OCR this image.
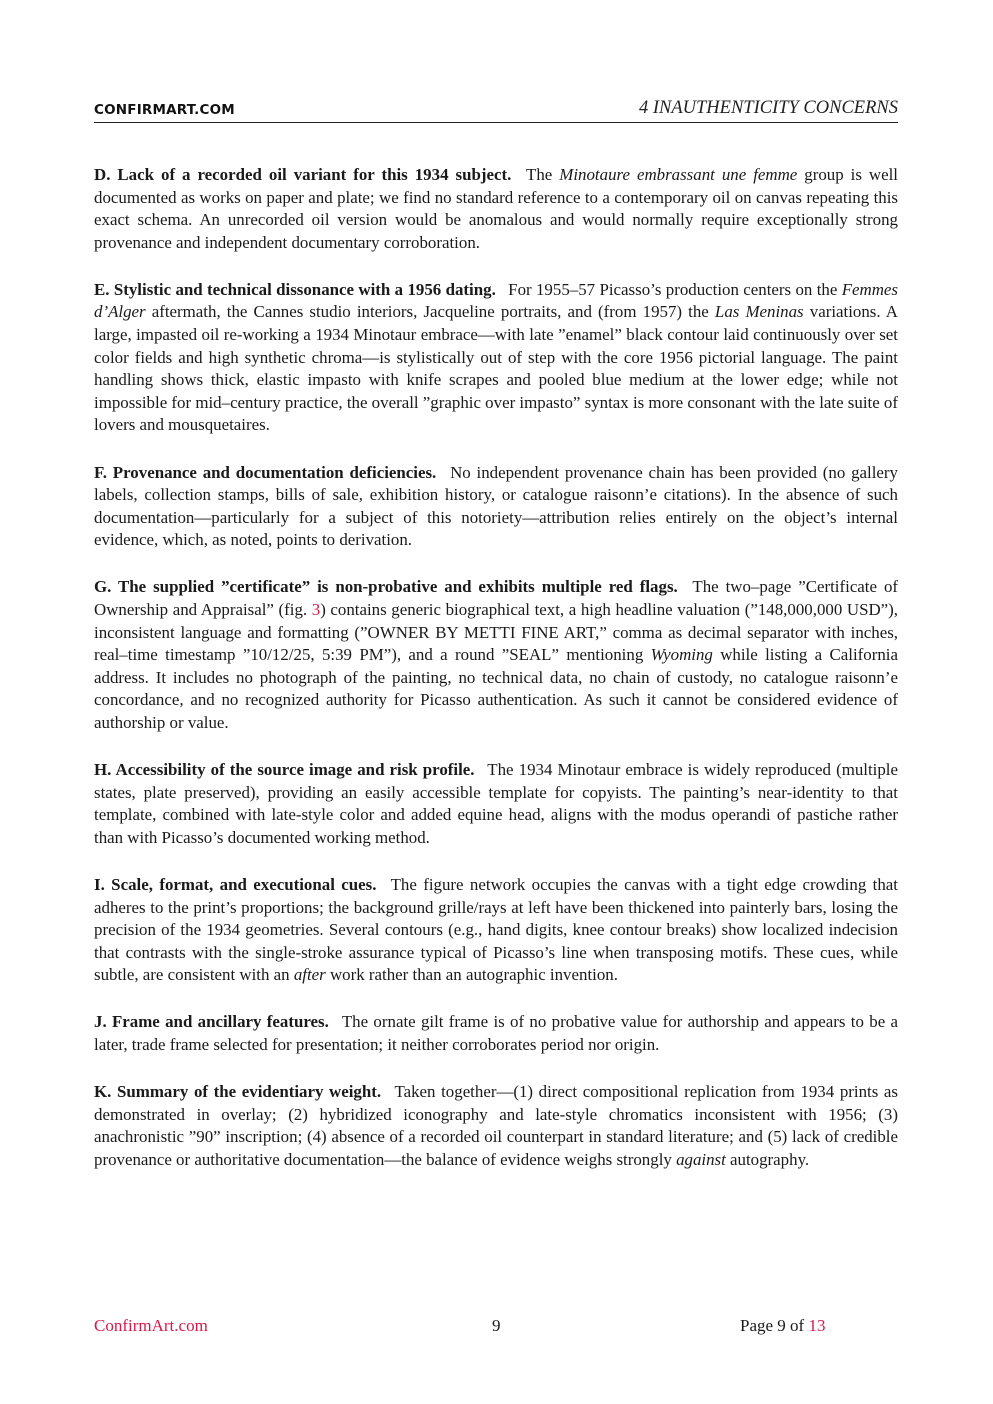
CONFIRMART.COM	4 INAUTHENTICITY CONCERNS

D. Lack of a recorded oil variant for this 1934 subject. The Minotaure embrassant une femme group is well documented as works on paper and plate; we find no standard reference to a contemporary oil on canvas repeating this exact schema. An unrecorded oil version would be anomalous and would normally require exceptionally strong provenance and independent documentary corroboration.

E. Stylistic and technical dissonance with a 1956 dating. For 1955–57 Picasso’s production centers on the Femmes d’Alger aftermath, the Cannes studio interiors, Jacqueline portraits, and (from 1957) the Las Meninas variations. A large, impasted oil re-working a 1934 Minotaur embrace—with late ”enamel” black contour laid continuously over set color fields and high synthetic chroma—is stylistically out of step with the core 1956 pictorial language. The paint handling shows thick, elastic impasto with knife scrapes and pooled blue medium at the lower edge; while not impossible for mid–century practice, the overall ”graphic over impasto” syntax is more consonant with the late suite of lovers and mousquetaires.

F. Provenance and documentation deficiencies. No independent provenance chain has been provided (no gallery labels, collection stamps, bills of sale, exhibition history, or catalogue raisonn’e citations). In the absence of such documentation—particularly for a subject of this notoriety—attribution relies entirely on the object’s internal evidence, which, as noted, points to derivation.

G. The supplied ”certificate” is non-probative and exhibits multiple red flags. The two–page ”Certificate of Ownership and Appraisal” (fig. 3) contains generic biographical text, a high headline valuation (”148,000,000 USD”), inconsistent language and formatting (”OWNER BY METTI FINE ART,” comma as decimal separator with inches, real–time timestamp ”10/12/25, 5:39 PM”), and a round ”SEAL” mentioning Wyoming while listing a California address. It includes no photograph of the painting, no technical data, no chain of custody, no catalogue raisonn’e concordance, and no recognized authority for Picasso authentication. As such it cannot be considered evidence of authorship or value.

H. Accessibility of the source image and risk profile. The 1934 Minotaur embrace is widely reproduced (multiple states, plate preserved), providing an easily accessible template for copyists. The painting’s near-identity to that template, combined with late-style color and added equine head, aligns with the modus operandi of pastiche rather than with Picasso’s documented working method.

I. Scale, format, and executional cues. The figure network occupies the canvas with a tight edge crowding that adheres to the print’s proportions; the background grille/rays at left have been thickened into painterly bars, losing the precision of the 1934 geometries. Several contours (e.g., hand digits, knee contour breaks) show localized indecision that contrasts with the single-stroke assurance typical of Picasso’s line when transposing motifs. These cues, while subtle, are consistent with an after work rather than an autographic invention.

J. Frame and ancillary features. The ornate gilt frame is of no probative value for authorship and appears to be a later, trade frame selected for presentation; it neither corroborates period nor origin.

K. Summary of the evidentiary weight. Taken together—(1) direct compositional replication from 1934 prints as demonstrated in overlay; (2) hybridized iconography and late-style chromatics inconsistent with 1956; (3) anachronistic ”90” inscription; (4) absence of a recorded oil counterpart in standard literature; and (5) lack of credible provenance or authoritative documentation—the balance of evidence weighs strongly against autography.

ConfirmArt.com	9	Page 9 of 13
